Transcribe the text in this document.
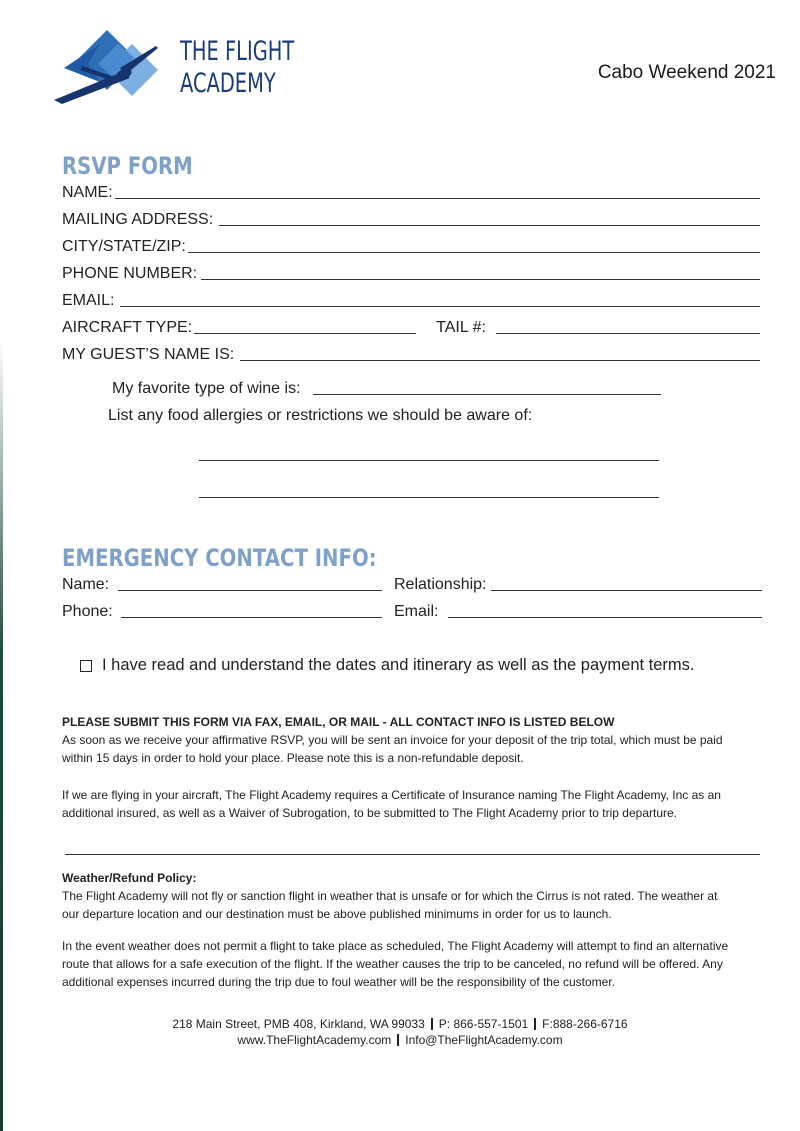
THE FLIGHT
ACADEMY	Cabo Weekend 2021
RSVP FORM
NAME:
MAILING ADDRESS:
CITY/STATE/ZIP:
PHONE NUMBER:
EMAIL:
AIRCRAFT TYPE:	TAIL #:
MY GUEST’S NAME IS:
My favorite type of wine is:
List any food allergies or restrictions we should be aware of:
EMERGENCY CONTACT INFO:
Name:	Relationship:
Phone:	Email:
I have read and understand the dates and itinerary as well as the payment terms.
PLEASE SUBMIT THIS FORM VIA FAX, EMAIL, OR MAIL - ALL CONTACT INFO IS LISTED BELOW
As soon as we receive your affirmative RSVP, you will be sent an invoice for your deposit of the trip total, which must be paid within 15 days in order to hold your place. Please note this is a non-refundable deposit.
If we are flying in your aircraft, The Flight Academy requires a Certificate of Insurance naming The Flight Academy, Inc as an additional insured, as well as a Waiver of Subrogation, to be submitted to The Flight Academy prior to trip departure.
Weather/Refund Policy:
The Flight Academy will not fly or sanction flight in weather that is unsafe or for which the Cirrus is not rated. The weather at our departure location and our destination must be above published minimums in order for us to launch.
In the event weather does not permit a flight to take place as scheduled, The Flight Academy will attempt to find an alternative route that allows for a safe execution of the flight. If the weather causes the trip to be canceled, no refund will be offered. Any additional expenses incurred during the trip due to foul weather will be the responsibility of the customer.
218 Main Street, PMB 408, Kirkland, WA 99033 P: 866-557-1501 F:888-266-6716
www.TheFlightAcademy.com Info@TheFlightAcademy.com
